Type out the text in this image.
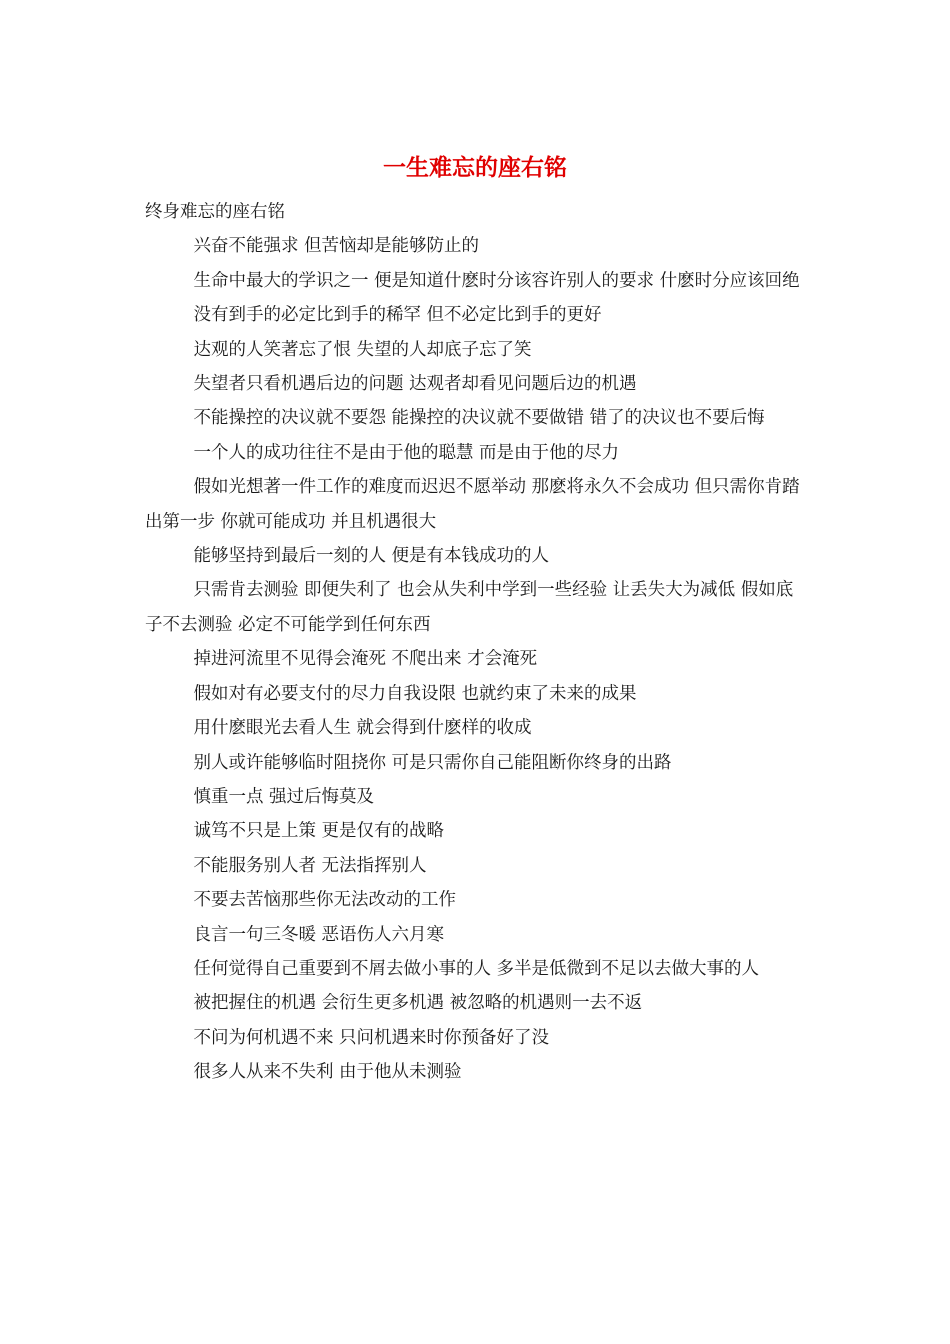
一生难忘的座右铭

终身难忘的座右铭

兴奋不能强求 但苦恼却是能够防止的

生命中最大的学识之一 便是知道什麽时分该容许别人的要求 什麽时分应该回绝

没有到手的必定比到手的稀罕 但不必定比到手的更好

达观的人笑著忘了恨 失望的人却底子忘了笑

失望者只看机遇后边的问题 达观者却看见问题后边的机遇

不能操控的决议就不要怨 能操控的决议就不要做错 错了的决议也不要后悔

一个人的成功往往不是由于他的聪慧 而是由于他的尽力

假如光想著一件工作的难度而迟迟不愿举动 那麽将永久不会成功 但只需你肯踏出第一步 你就可能成功 并且机遇很大

能够坚持到最后一刻的人 便是有本钱成功的人

只需肯去测验 即便失利了 也会从失利中学到一些经验 让丢失大为减低 假如底子不去测验 必定不可能学到任何东西

掉进河流里不见得会淹死 不爬出来 才会淹死

假如对有必要支付的尽力自我设限 也就约束了未来的成果

用什麽眼光去看人生 就会得到什麽样的收成

别人或许能够临时阻挠你 可是只需你自己能阻断你终身的出路

慎重一点 强过后悔莫及

诚笃不只是上策 更是仅有的战略

不能服务别人者 无法指挥别人

不要去苦恼那些你无法改动的工作

良言一句三冬暖 恶语伤人六月寒

任何觉得自己重要到不屑去做小事的人 多半是低微到不足以去做大事的人

被把握住的机遇 会衍生更多机遇 被忽略的机遇则一去不返

不问为何机遇不来 只问机遇来时你预备好了没

很多人从来不失利 由于他从未测验
